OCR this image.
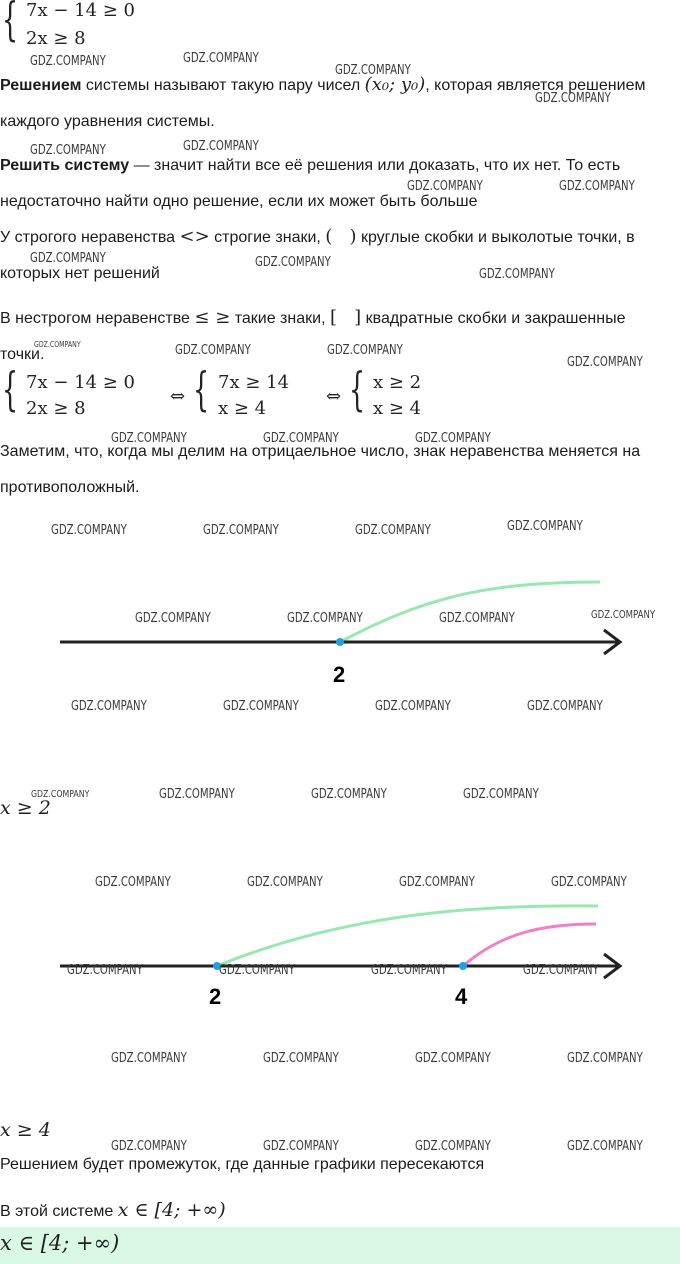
{ 7x − 14 ≥ 0
2x ≥ 8
Решением системы называют такую пару чисел (x₀; y₀), которая является решением каждого уравнения системы.
Решить систему — значит найти все её решения или доказать, что их нет. То есть недостаточно найти одно решение, если их может быть больше
У строгого неравенства <> строгие знаки, (   ) круглые скобки и выколотые точки, в которых нет решений
В нестрогом неравенстве ≤ ≥ такие знаки, [   ] квадратные скобки и закрашенные точки.
{ 7x − 14 ≥ 0
2x ≥ 8
⇔ { 7x ≥ 14
x ≥ 4
⇔ { x ≥ 2
x ≥ 4
Заметим, что, когда мы делим на отрицаельное число, знак неравенства меняется на противоположный.
2
x ≥ 2
2	4
x ≥ 4
Решением будет промежуток, где данные графики пересекаются
В этой системе x ∈ [4; +∞)
x ∈ [4; +∞)
GDZ.COMPANY	GDZ.COMPANY
GDZ.COMPANY
GDZ.COMPANY
GDZ.COMPANY	GDZ.COMPANY
GDZ.COMPANY	GDZ.COMPANY
GDZ.COMPANY	GDZ.COMPANY
GDZ.COMPANY
GDZ.COMPANY	GDZ.COMPANY	GDZ.COMPANY
GDZ.COMPANY
GDZ.COMPANY	GDZ.COMPANY	GDZ.COMPANY
GDZ.COMPANY	GDZ.COMPANY	GDZ.COMPANY	GDZ.COMPANY
GDZ.COMPANY	GDZ.COMPANY	GDZ.COMPANY	GDZ.COMPANY
GDZ.COMPANY	GDZ.COMPANY	GDZ.COMPANY	GDZ.COMPANY
GDZ.COMPANY	GDZ.COMPANY	GDZ.COMPANY	GDZ.COMPANY
GDZ.COMPANY	GDZ.COMPANY	GDZ.COMPANY	GDZ.COMPANY
GDZ.COMPANY	GDZ.COMPANY	GDZ.COMPANY	GDZ.COMPANY
GDZ.COMPANY	GDZ.COMPANY	GDZ.COMPANY	GDZ.COMPANY
GDZ.COMPANY	GDZ.COMPANY	GDZ.COMPANY	GDZ.COMPANY
